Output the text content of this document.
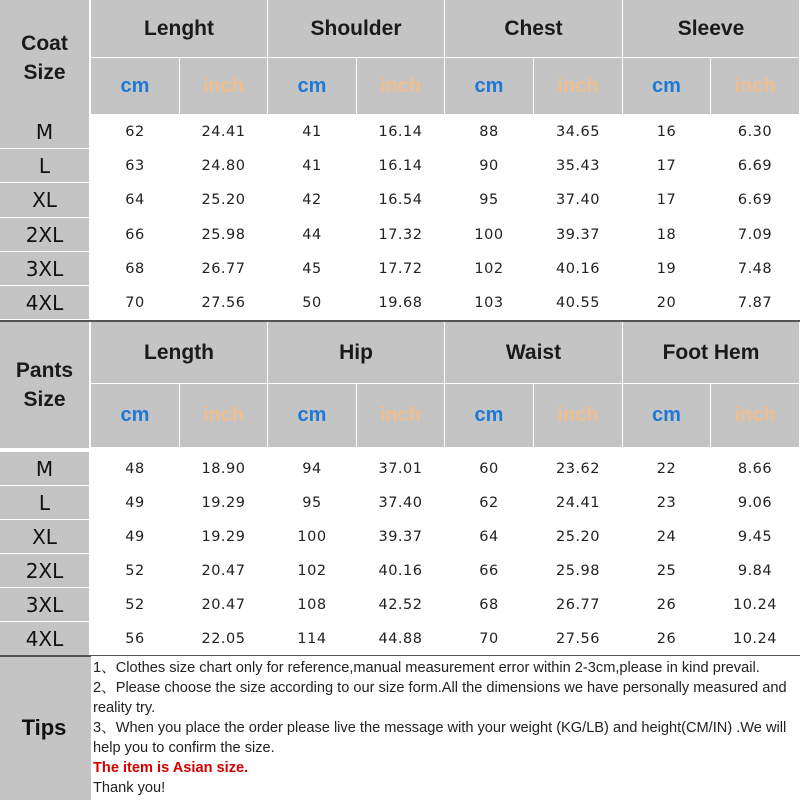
Coat
Size
Lenght	Shoulder	Chest	Sleeve
cm	inch	cm	inch	cm	inch	cm	inch
M	62	24.41	41	16.14	88	34.65	16	6.30
L	63	24.80	41	16.14	90	35.43	17	6.69
XL	64	25.20	42	16.54	95	37.40	17	6.69
2XL	66	25.98	44	17.32	100	39.37	18	7.09
3XL	68	26.77	45	17.72	102	40.16	19	7.48
4XL	70	27.56	50	19.68	103	40.55	20	7.87
Pants
Size
Length	Hip	Waist	Foot Hem
cm	inch	cm	inch	cm	inch	cm	inch
M	48	18.90	94	37.01	60	23.62	22	8.66
L	49	19.29	95	37.40	62	24.41	23	9.06
XL	49	19.29	100	39.37	64	25.20	24	9.45
2XL	52	20.47	102	40.16	66	25.98	25	9.84
3XL	52	20.47	108	42.52	68	26.77	26	10.24
4XL	56	22.05	114	44.88	70	27.56	26	10.24
Tips

1、Clothes size chart only for reference,manual measurement error within 2-3cm,please in kind prevail.

2、Please choose the size according to our size form.All the dimensions we have personally measured and reality try.

3、When you place the order please live the message with your weight (KG/LB) and height(CM/IN) .We will help you to confirm the size.

The item is Asian size.

Thank you!
